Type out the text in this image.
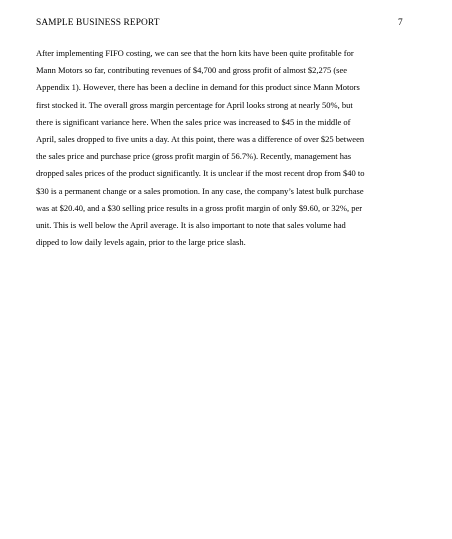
SAMPLE BUSINESS REPORT	7
After implementing FIFO costing, we can see that the horn kits have been quite profitable for
Mann Motors so far, contributing revenues of $4,700 and gross profit of almost $2,275 (see
Appendix 1). However, there has been a decline in demand for this product since Mann Motors
first stocked it. The overall gross margin percentage for April looks strong at nearly 50%, but
there is significant variance here. When the sales price was increased to $45 in the middle of
April, sales dropped to five units a day. At this point, there was a difference of over $25 between
the sales price and purchase price (gross profit margin of 56.7%). Recently, management has
dropped sales prices of the product significantly. It is unclear if the most recent drop from $40 to
$30 is a permanent change or a sales promotion. In any case, the company’s latest bulk purchase
was at $20.40, and a $30 selling price results in a gross profit margin of only $9.60, or 32%, per
unit. This is well below the April average. It is also important to note that sales volume had
dipped to low daily levels again, prior to the large price slash.
